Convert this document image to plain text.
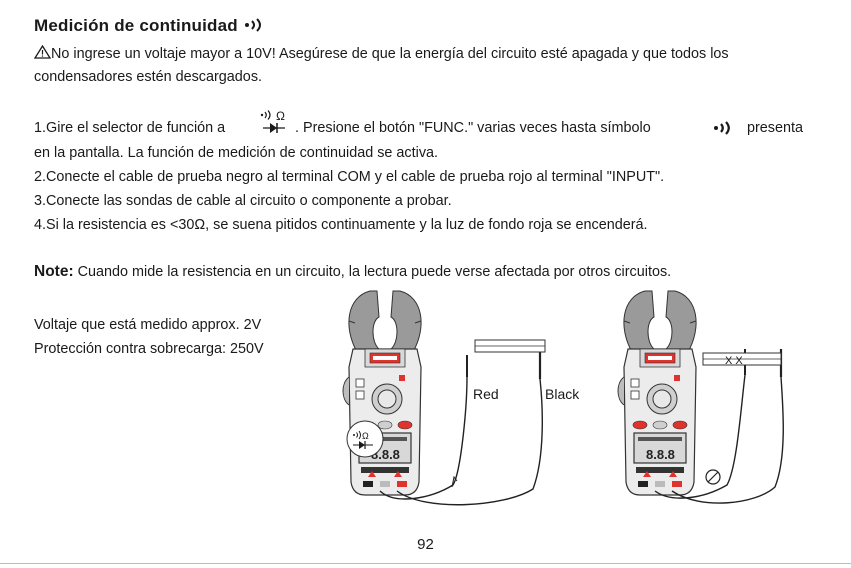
Medición de continuidad
No ingrese un voltaje mayor a 10V! Asegúrese de que la energía del circuito esté apagada y que todos los
condensadores estén descargados.
1.Gire el selector de función a
Ω
. Presione el botón "FUNC." varias veces hasta símbolo	presenta
en la pantalla. La función de medición de continuidad se activa.
2.Conecte el cable de prueba negro al terminal COM y el cable de prueba rojo al terminal "INPUT".
3.Conecte las sondas de cable al circuito o componente a probar.
4.Si la resistencia es <30Ω, se suena pitidos continuamente y la luz de fondo roja se encenderá.
Note: Cuando mide la resistencia en un circuito, la lectura puede verse afectada por otros circuitos.
Voltaje que está medido approx. 2V
Protección contra sobrecarga: 250V
Ω
Red	Black
X X
92
